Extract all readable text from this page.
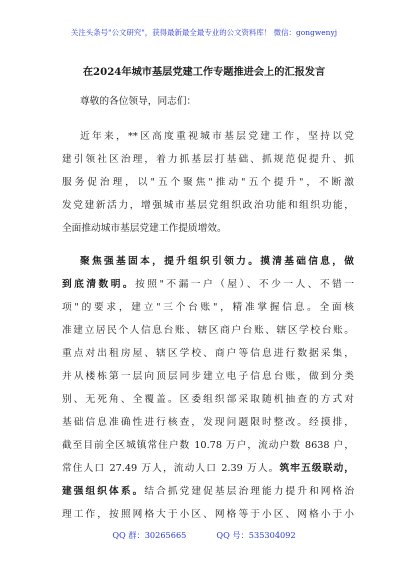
关注头条号"公文研究"，获得最新最全最专业的公文资料库！ 微信：gongwenyj
在2024年城市基层党建工作专题推进会上的汇报发言
尊敬的各位领导，同志们：
近年来，**区高度重视城市基层党建工作，坚持以党
建引领社区治理，着力抓基层打基础、抓规范促提升、抓
服务促治理，以"五个聚焦"推动"五个提升"，不断激
发党建新活力，增强城市基层党组织政治功能和组织功能，
全面推动城市基层党建工作提质增效。
聚焦强基固本，提升组织引领力。摸清基础信息，做
到底清数明。按照"不漏一户（屋）、不少一人、不错一
项"的要求，建立"三个台账"，精准掌握信息。全面核
准建立居民个人信息台账、辖区商户台账、辖区学校台账。
重点对出租房屋、辖区学校、商户等信息进行数据采集，
并从楼栋第一层向顶层同步建立电子信息台账，做到分类
别、无死角、全覆盖。区委组织部采取随机抽查的方式对
基础信息准确性进行核查，发现问题限时整改。经摸排，
截至目前全区城镇常住户数 10.78 万户，流动户数 8638 户，
常住人口 27.49 万人，流动人口 2.39 万人。筑牢五级联动，
建强组织体系。结合抓党建促基层治理能力提升和网格治
理工作，按照网格大于小区、网格等于小区、网格小于小
QQ 群：30265665	QQ 号：535304092
